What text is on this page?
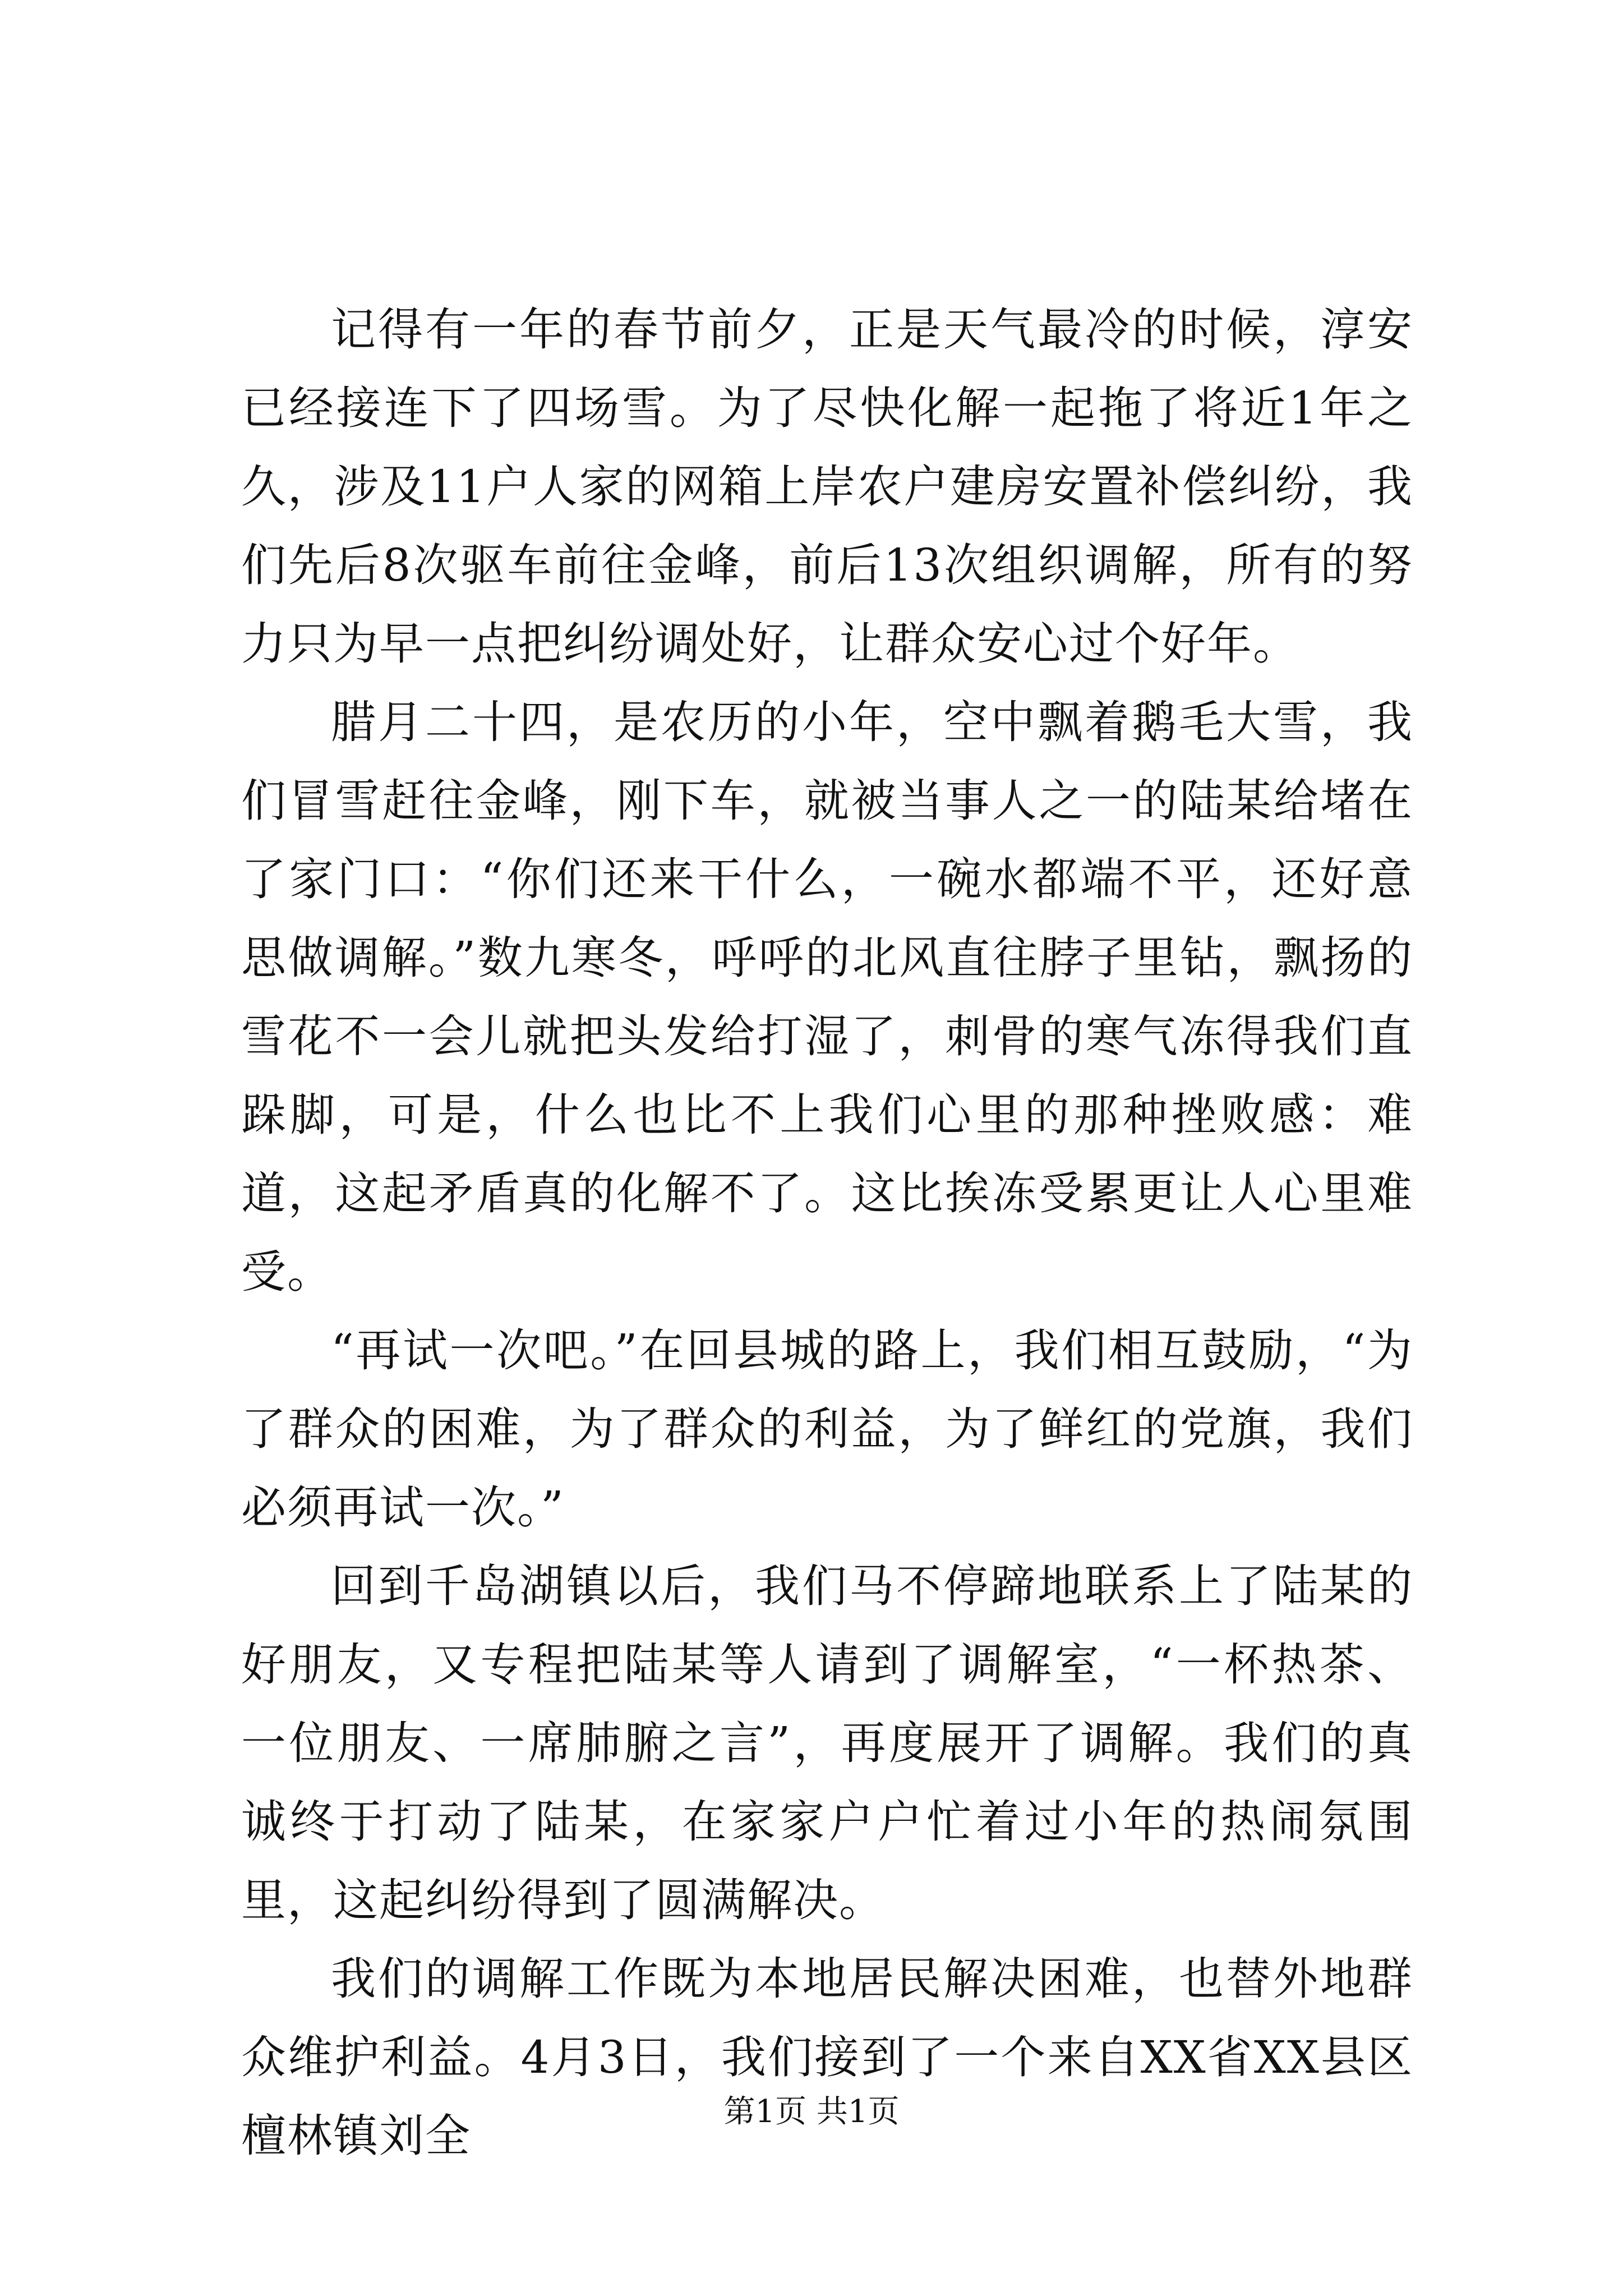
记得有一年的春节前夕，正是天气最冷的时候，淳安已经接连下了四场雪。为了尽快化解一起拖了将近1年之久，涉及11户人家的网箱上岸农户建房安置补偿纠纷，我们先后8次驱车前往金峰，前后13次组织调解，所有的努力只为早一点把纠纷调处好，让群众安心过个好年。

腊月二十四，是农历的小年，空中飘着鹅毛大雪，我们冒雪赶往金峰，刚下车，就被当事人之一的陆某给堵在了家门口：“你们还来干什么，一碗水都端不平，还好意思做调解。”数九寒冬，呼呼的北风直往脖子里钻，飘扬的雪花不一会儿就把头发给打湿了，刺骨的寒气冻得我们直跺脚，可是，什么也比不上我们心里的那种挫败感：难道，这起矛盾真的化解不了。这比挨冻受累更让人心里难受。

“再试一次吧。”在回县城的路上，我们相互鼓励，“为了群众的困难，为了群众的利益，为了鲜红的党旗，我们必须再试一次。”

回到千岛湖镇以后，我们马不停蹄地联系上了陆某的好朋友，又专程把陆某等人请到了调解室，“一杯热茶、一位朋友、一席肺腑之言”，再度展开了调解。我们的真诚终于打动了陆某，在家家户户忙着过小年的热闹氛围里，这起纠纷得到了圆满解决。

我们的调解工作既为本地居民解决困难，也替外地群众维护利益。4月3日，我们接到了一个来自XX省XX县区檀林镇刘全	第1页 共1页
